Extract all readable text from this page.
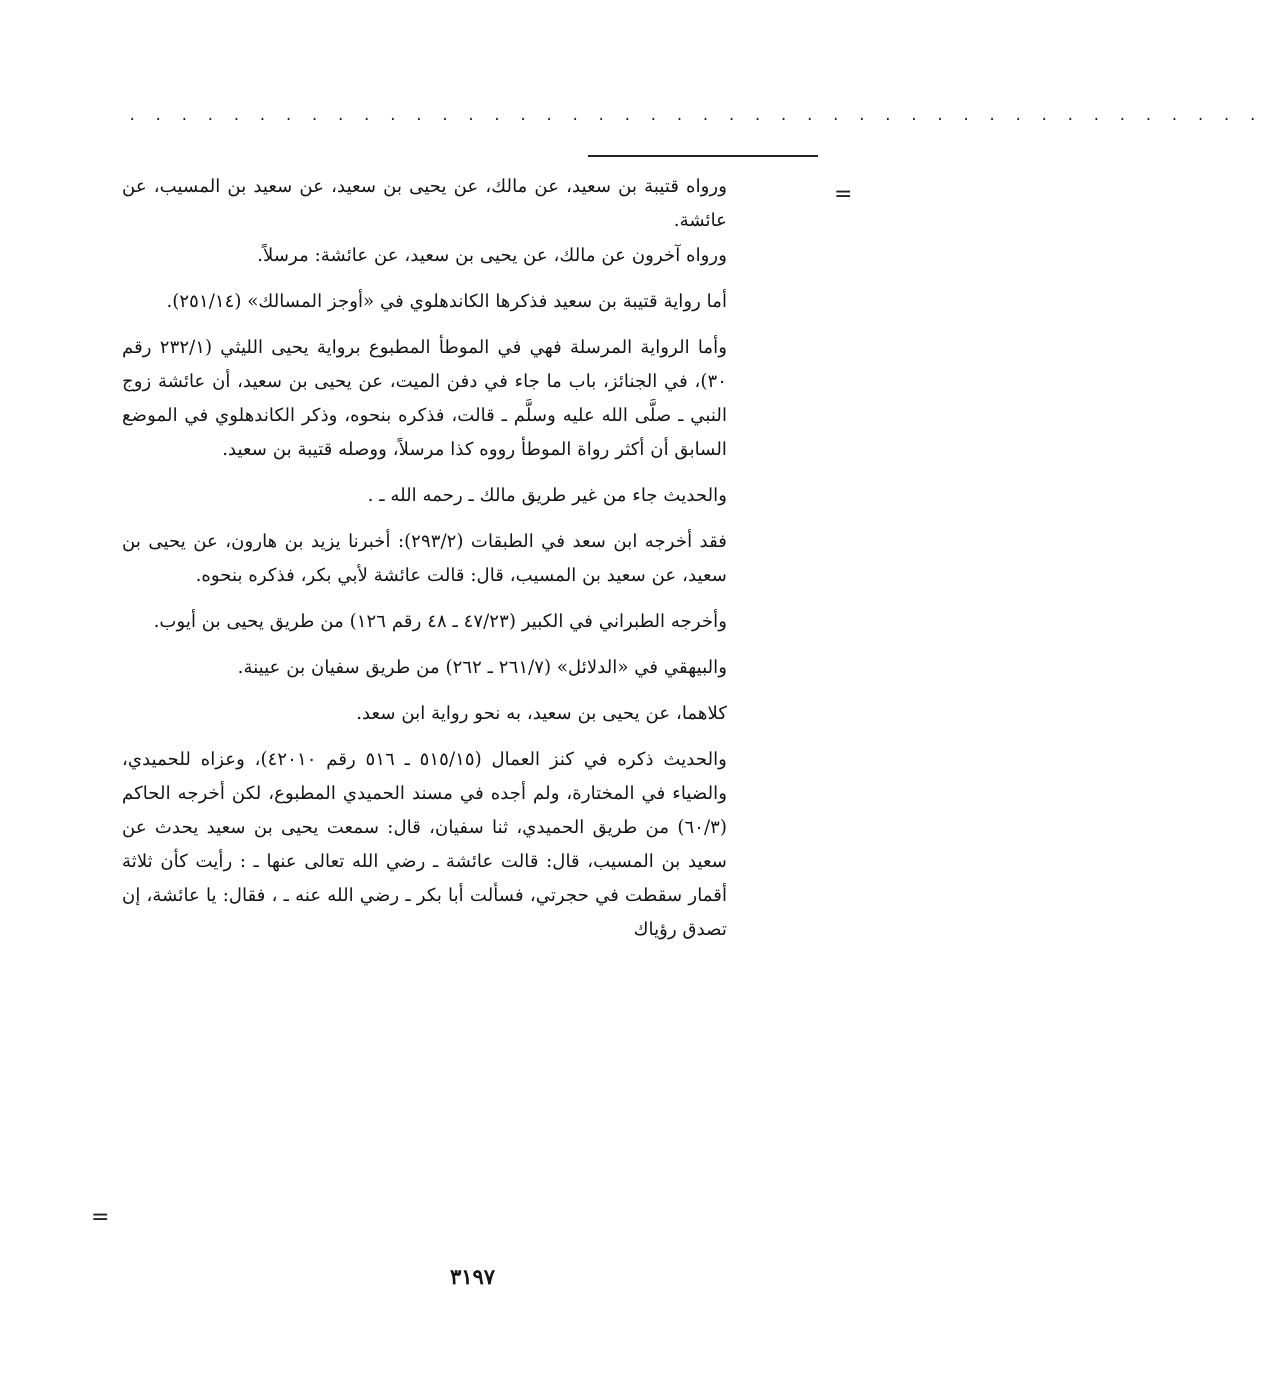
. . . . . . . . . . . . . . . . . . . . . . . . . . . . . . . . . . . . . . . . . . . .
=

ورواه قتيبة بن سعيد، عن مالك، عن يحيى بن سعيد، عن سعيد بن المسيب، عن عائشة.

ورواه آخرون عن مالك، عن يحيى بن سعيد، عن عائشة: مرسلاً.

أما رواية قتيبة بن سعيد فذكرها الكاندهلوي في «أوجز المسالك» (٢٥١/١٤).

وأما الرواية المرسلة فهي في الموطأ المطبوع برواية يحيى الليثي (٢٣٢/١ رقم ٣٠)، في الجنائز، باب ما جاء في دفن الميت، عن يحيى بن سعيد، أن عائشة زوج النبي ـ صلَّى الله عليه وسلَّم ـ قالت، فذكره بنحوه، وذكر الكاندهلوي في الموضع السابق أن أكثر رواة الموطأ رووه كذا مرسلاً، ووصله قتيبة بن سعيد.

والحديث جاء من غير طريق مالك ـ رحمه الله ـ .

فقد أخرجه ابن سعد في الطبقات (٢٩٣/٢): أخبرنا يزيد بن هارون، عن يحيى بن سعيد، عن سعيد بن المسيب، قال: قالت عائشة لأبي بكر، فذكره بنحوه.

وأخرجه الطبراني في الكبير (٤٧/٢٣ ـ ٤٨ رقم ١٢٦) من طريق يحيى بن أيوب.

والبيهقي في «الدلائل» (٢٦١/٧ ـ ٢٦٢) من طريق سفيان بن عيينة.

كلاهما، عن يحيى بن سعيد، به نحو رواية ابن سعد.

والحديث ذكره في كنز العمال (٥١٥/١٥ ـ ٥١٦ رقم ٤٢٠١٠)، وعزاه للحميدي، والضياء في المختارة، ولم أجده في مسند الحميدي المطبوع، لكن أخرجه الحاكم (٦٠/٣) من طريق الحميدي، ثنا سفيان، قال: سمعت يحيى بن سعيد يحدث عن سعيد بن المسيب، قال: قالت عائشة ـ رضي الله تعالى عنها ـ : رأيت كأن ثلاثة أقمار سقطت في حجرتي، فسألت أبا بكر ـ رضي الله عنه ـ ، فقال: يا عائشة، إن تصدق رؤياك

=
٣١٩٧
